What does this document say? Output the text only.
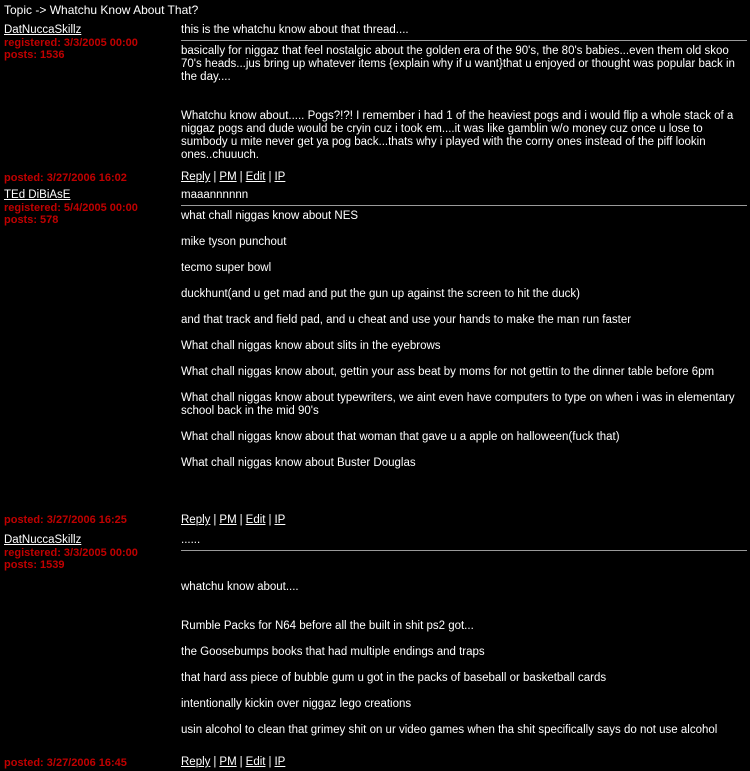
Topic -> Whatchu Know About That?
DatNuccaSkillz
registered: 3/3/2005 00:00
posts: 1536
this is the whatchu know about that thread....

basically for niggaz that feel nostalgic about the golden era of the 90's, the 80's babies...even them old skoo 70's heads...jus bring up whatever items {explain why if u want}that u enjoyed or thought was popular back in the day....

Whatchu know about..... Pogs?!?! I remember i had 1 of the heaviest pogs and i would flip a whole stack of a niggaz pogs and dude would be cryin cuz i took em....it was like gamblin w/o money cuz once u lose to sumbody u mite never get ya pog back...thats why i played with the corny ones instead of the piff lookin ones..chuuuch.

posted: 3/27/2006 16:02	Reply | PM | Edit | IP
TEd DiBiAsE
registered: 5/4/2005 00:00
posts: 578
maaannnnnn

what chall niggas know about NES

mike tyson punchout

tecmo super bowl

duckhunt(and u get mad and put the gun up against the screen to hit the duck)

and that track and field pad, and u cheat and use your hands to make the man run faster

What chall niggas know about slits in the eyebrows

What chall niggas know about, gettin your ass beat by moms for not gettin to the dinner table before 6pm

What chall niggas know about typewriters, we aint even have computers to type on when i was in elementary school back in the mid 90's

What chall niggas know about that woman that gave u a apple on halloween(fuck that)

What chall niggas know about Buster Douglas

posted: 3/27/2006 16:25	Reply | PM | Edit | IP
DatNuccaSkillz
registered: 3/3/2005 00:00
posts: 1539
......

whatchu know about....

Rumble Packs for N64 before all the built in shit ps2 got...

the Goosebumps books that had multiple endings and traps

that hard ass piece of bubble gum u got in the packs of baseball or basketball cards

intentionally kickin over niggaz lego creations

usin alcohol to clean that grimey shit on ur video games when tha shit specifically says do not use alcohol

posted: 3/27/2006 16:45	Reply | PM | Edit | IP
